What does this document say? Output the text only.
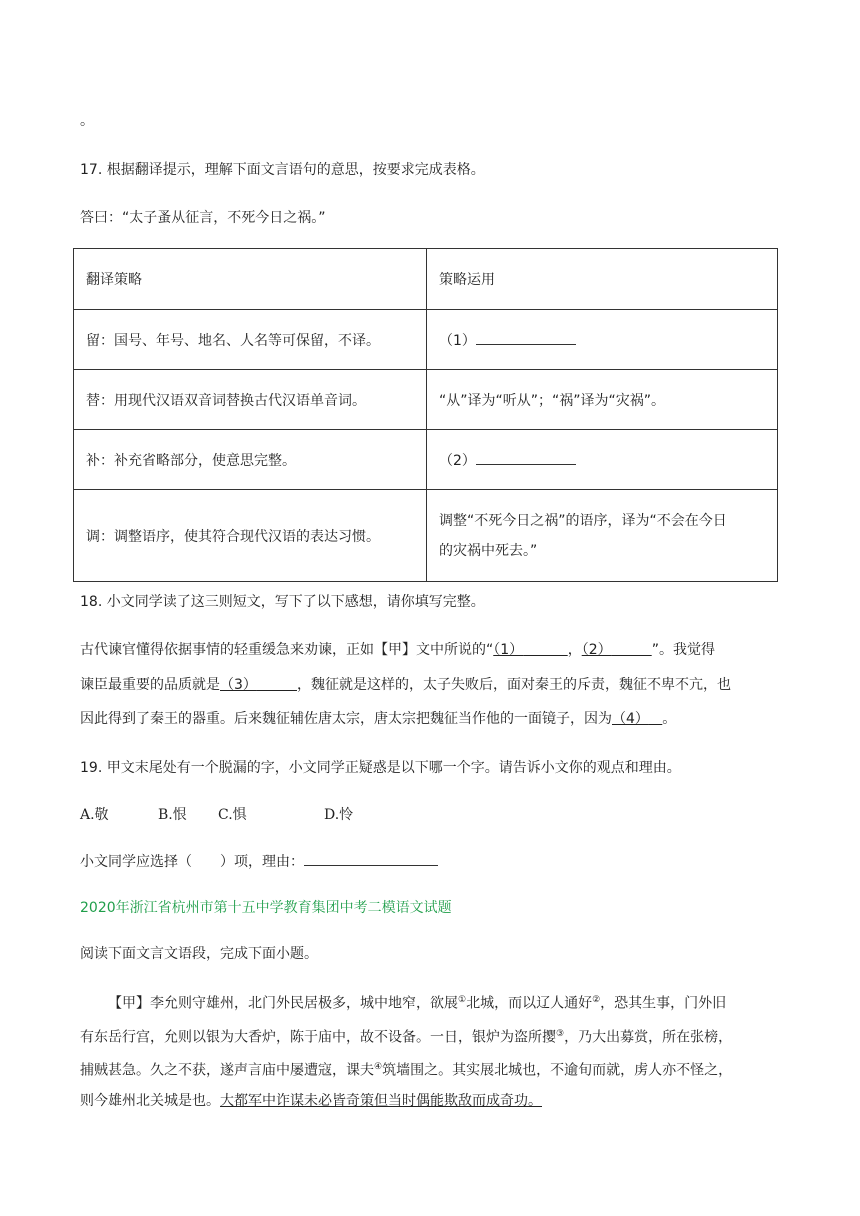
。
17. 根据翻译提示，理解下面文言语句的意思，按要求完成表格。
答曰：“太子蚤从征言，不死今日之祸。”
翻译策略	策略运用
留：国号、年号、地名、人名等可保留，不译。	（1）
替：用现代汉语双音词替换古代汉语单音词。	“从”译为“听从”；“祸”译为“灾祸”。
补：补充省略部分，使意思完整。	（2）
调：调整语序，使其符合现代汉语的表达习惯。	调整“不死今日之祸”的语序，译为“不会在今日
的灾祸中死去。”
18. 小文同学读了这三则短文，写下了以下感想，请你填写完整。
古代谏官懂得依据事情的轻重缓急来劝谏，正如【甲】文中所说的“（1）	，（2）	”。我觉得
谏臣最重要的品质就是（3）	，魏征就是这样的，太子失败后，面对秦王的斥责，魏征不卑不亢，也
因此得到了秦王的器重。后来魏征辅佐唐太宗，唐太宗把魏征当作他的一面镜子，因为（4） 。
19. 甲文末尾处有一个脱漏的字，小文同学正疑惑是以下哪一个字。请告诉小文你的观点和理由。
A.敬	B.恨 C.惧	D.怜
小文同学应选择（　　）项，理由：
2020年浙江省杭州市第十五中学教育集团中考二模语文试题
阅读下面文言文语段，完成下面小题。
【甲】李允则守雄州，北门外民居极多，城中地窄，欲展①北城，而以辽人通好②，恐其生事，门外旧
有东岳行宫，允则以银为大香炉，陈于庙中，故不设备。一日，银炉为盗所撄③，乃大出募赏，所在张榜，
捕贼甚急。久之不获，遂声言庙中屡遭寇，课夫④筑墙围之。其实展北城也，不逾旬而就，虏人亦不怪之，
则今雄州北关城是也。大都军中诈谋未必皆奇策但当时偶能欺敌而成奇功。
